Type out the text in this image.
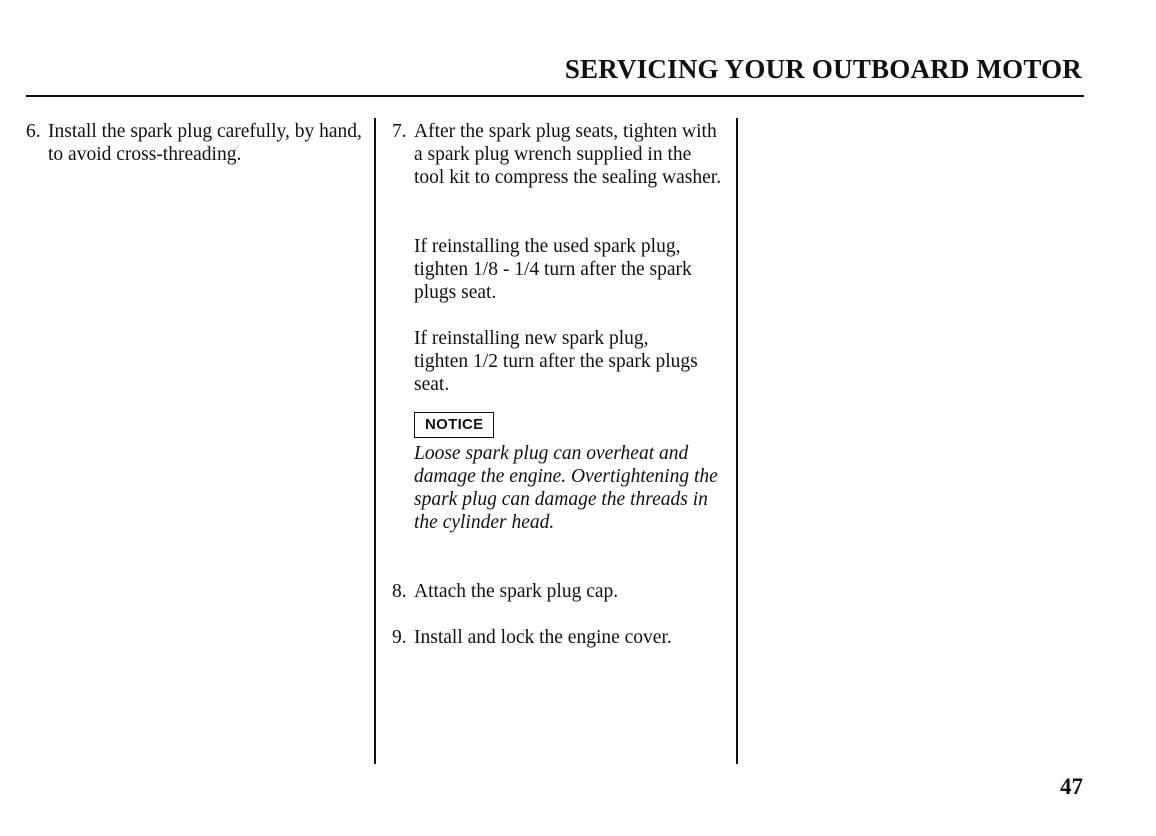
SERVICING YOUR OUTBOARD MOTOR
6. Install the spark plug carefully, by hand, to avoid cross-threading.
7. After the spark plug seats, tighten with a spark plug wrench supplied in the tool kit to compress the sealing washer.

If reinstalling the used spark plug, tighten 1/8 - 1/4 turn after the spark plugs seat.

If reinstalling new spark plug, tighten 1/2 turn after the spark plugs seat.

NOTICE

Loose spark plug can overheat and damage the engine. Overtightening the spark plug can damage the threads in the cylinder head.

8. Attach the spark plug cap.
9. Install and lock the engine cover.
47
